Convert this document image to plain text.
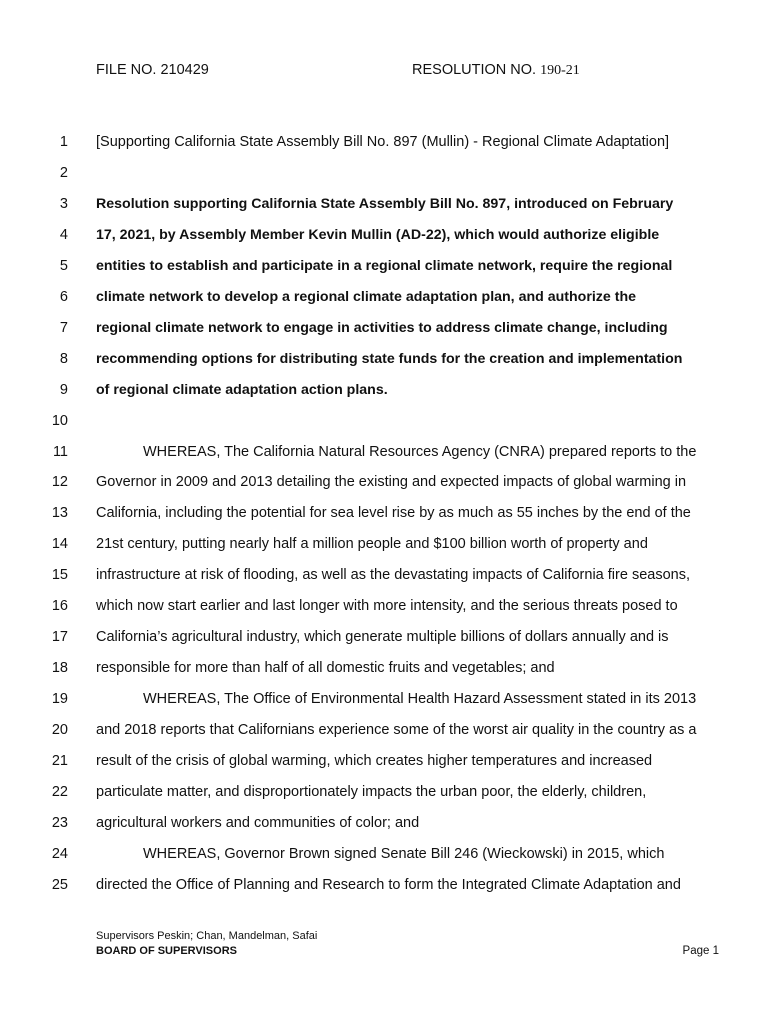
FILE NO. 210429	RESOLUTION NO. 190-21
1 [Supporting California State Assembly Bill No. 897 (Mullin) - Regional Climate Adaptation]
2
3 Resolution supporting California State Assembly Bill No. 897, introduced on February
4 17, 2021, by Assembly Member Kevin Mullin (AD-22), which would authorize eligible
5 entities to establish and participate in a regional climate network, require the regional
6 climate network to develop a regional climate adaptation plan, and authorize the
7 regional climate network to engage in activities to address climate change, including
8 recommending options for distributing state funds for the creation and implementation
9 of regional climate adaptation action plans.
10
11	WHEREAS, The California Natural Resources Agency (CNRA) prepared reports to the
12 Governor in 2009 and 2013 detailing the existing and expected impacts of global warming in
13 California, including the potential for sea level rise by as much as 55 inches by the end of the
14 21st century, putting nearly half a million people and $100 billion worth of property and
15 infrastructure at risk of flooding, as well as the devastating impacts of California fire seasons,
16 which now start earlier and last longer with more intensity, and the serious threats posed to
17 California’s agricultural industry, which generate multiple billions of dollars annually and is
18 responsible for more than half of all domestic fruits and vegetables; and
19	WHEREAS, The Office of Environmental Health Hazard Assessment stated in its 2013
20 and 2018 reports that Californians experience some of the worst air quality in the country as a
21 result of the crisis of global warming, which creates higher temperatures and increased
22 particulate matter, and disproportionately impacts the urban poor, the elderly, children,
23 agricultural workers and communities of color; and
24	WHEREAS, Governor Brown signed Senate Bill 246 (Wieckowski) in 2015, which
25 directed the Office of Planning and Research to form the Integrated Climate Adaptation and
Supervisors Peskin; Chan, Mandelman, Safai
BOARD OF SUPERVISORS	Page 1
